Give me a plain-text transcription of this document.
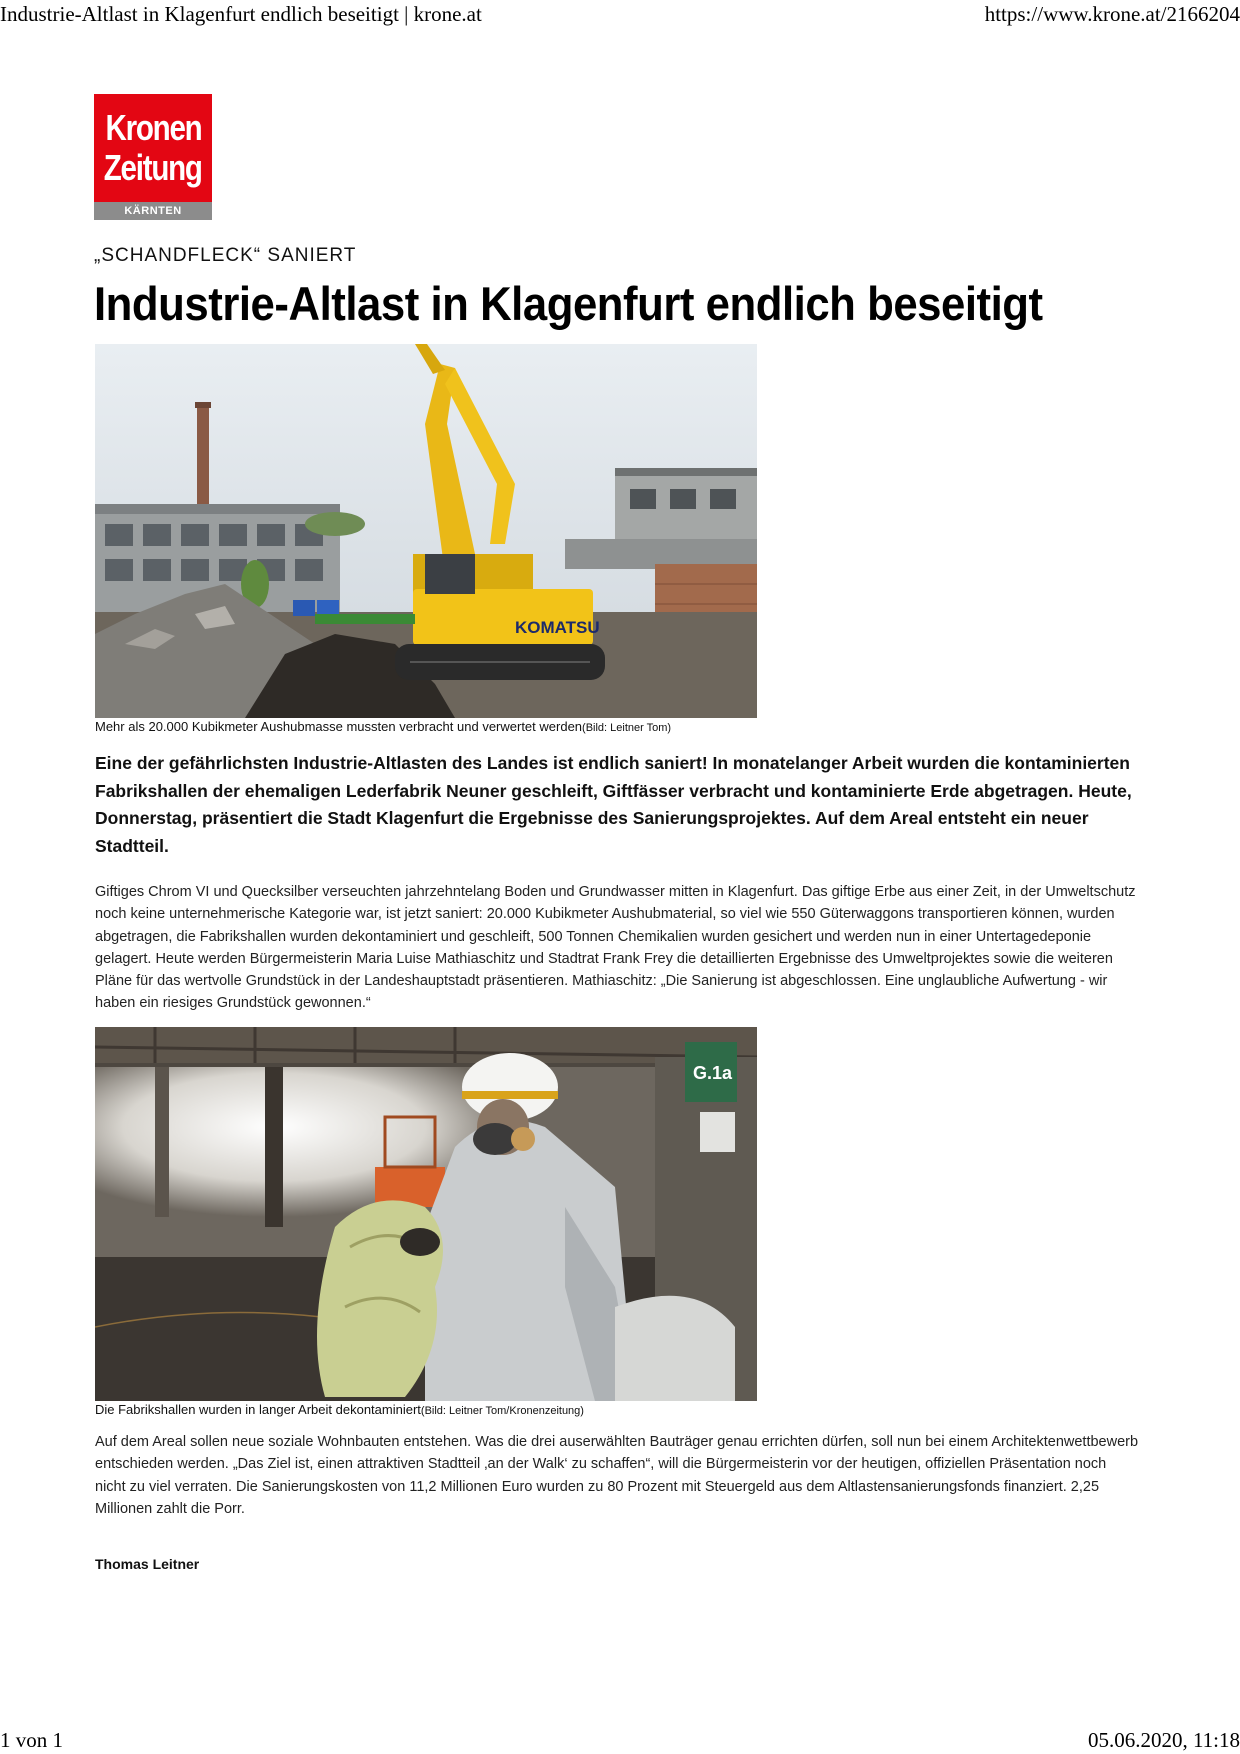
Industrie-Altlast in Klagenfurt endlich beseitigt | krone.at	https://www.krone.at/2166204
Kronen
Zeitung
KÄRNTEN
„SCHANDFLECK“ SANIERT
Industrie-Altlast in Klagenfurt endlich beseitigt
KOMATSU
Mehr als 20.000 Kubikmeter Aushubmasse mussten verbracht und verwertet werden(Bild: Leitner Tom)
Eine der gefährlichsten Industrie-Altlasten des Landes ist endlich saniert! In monatelanger Arbeit wurden die kontaminierten Fabrikshallen der ehemaligen Lederfabrik Neuner geschleift, Giftfässer verbracht und kontaminierte Erde abgetragen. Heute, Donnerstag, präsentiert die Stadt Klagenfurt die Ergebnisse des Sanierungsprojektes. Auf dem Areal entsteht ein neuer Stadtteil.
Giftiges Chrom VI und Quecksilber verseuchten jahrzehntelang Boden und Grundwasser mitten in Klagenfurt. Das giftige Erbe aus einer Zeit, in der Umweltschutz noch keine unternehmerische Kategorie war, ist jetzt saniert: 20.000 Kubikmeter Aushubmaterial, so viel wie 550 Güterwaggons transportieren können, wurden abgetragen, die Fabrikshallen wurden dekontaminiert und geschleift, 500 Tonnen Chemikalien wurden gesichert und werden nun in einer Untertagedeponie gelagert. Heute werden Bürgermeisterin Maria Luise Mathiaschitz und Stadtrat Frank Frey die detaillierten Ergebnisse des Umweltprojektes sowie die weiteren Pläne für das wertvolle Grundstück in der Landeshauptstadt präsentieren. Mathiaschitz: „Die Sanierung ist abgeschlossen. Eine unglaubliche Aufwertung - wir haben ein riesiges Grundstück gewonnen.“
G.1a
Die Fabrikshallen wurden in langer Arbeit dekontaminiert(Bild: Leitner Tom/Kronenzeitung)
Auf dem Areal sollen neue soziale Wohnbauten entstehen. Was die drei auserwählten Bauträger genau errichten dürfen, soll nun bei einem Architektenwettbewerb entschieden werden. „Das Ziel ist, einen attraktiven Stadtteil ‚an der Walk‘ zu schaffen“, will die Bürgermeisterin vor der heutigen, offiziellen Präsentation noch nicht zu viel verraten. Die Sanierungskosten von 11,2 Millionen Euro wurden zu 80 Prozent mit Steuergeld aus dem Altlastensanierungsfonds finanziert. 2,25 Millionen zahlt die Porr.
Thomas Leitner
1 von 1	05.06.2020, 11:18
